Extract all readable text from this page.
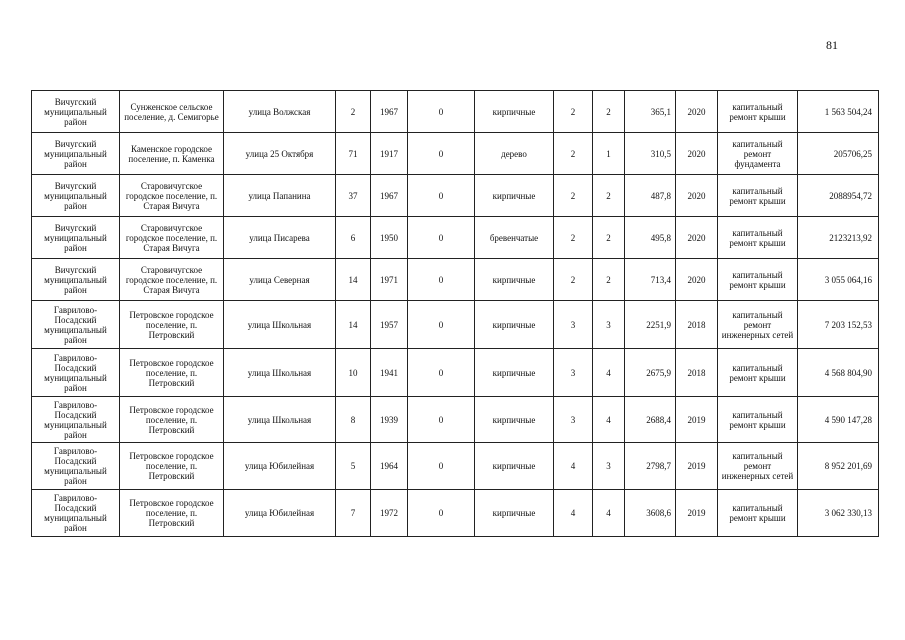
81
Вичугский муниципальный район	Сунженское сельское поселение, д. Семигорье	улица Волжская	2	1967	0	кирпичные	2	2	365,1	2020	капитальный ремонт крыши	1 563 504,24
Вичугский муниципальный район	Каменское городское поселение, п. Каменка	улица 25 Октября	71	1917	0	дерево	2	1	310,5	2020	капитальный ремонт фундамента	205706,25
Вичугский муниципальный район	Старовичугское городское поселение, п. Старая Вичуга	улица Папанина	37	1967	0	кирпичные	2	2	487,8	2020	капитальный ремонт крыши	2088954,72
Вичугский муниципальный район	Старовичугское городское поселение, п. Старая Вичуга	улица Писарева	6	1950	0	бревенчатые	2	2	495,8	2020	капитальный ремонт крыши	2123213,92
Вичугский муниципальный район	Старовичугское городское поселение, п. Старая Вичуга	улица Северная	14	1971	0	кирпичные	2	2	713,4	2020	капитальный ремонт крыши	3 055 064,16
Гаврилово-Посадский муниципальный район	Петровское городское поселение, п. Петровский	улица Школьная	14	1957	0	кирпичные	3	3	2251,9	2018	капитальный ремонт инженерных сетей	7 203 152,53
Гаврилово-Посадский муниципальный район	Петровское городское поселение, п. Петровский	улица Школьная	10	1941	0	кирпичные	3	4	2675,9	2018	капитальный ремонт крыши	4 568 804,90
Гаврилово-Посадский муниципальный район	Петровское городское поселение, п. Петровский	улица Школьная	8	1939	0	кирпичные	3	4	2688,4	2019	капитальный ремонт крыши	4 590 147,28
Гаврилово-Посадский муниципальный район	Петровское городское поселение, п. Петровский	улица Юбилейная	5	1964	0	кирпичные	4	3	2798,7	2019	капитальный ремонт инженерных сетей	8 952 201,69
Гаврилово-Посадский муниципальный район	Петровское городское поселение, п. Петровский	улица Юбилейная	7	1972	0	кирпичные	4	4	3608,6	2019	капитальный ремонт крыши	3 062 330,13
